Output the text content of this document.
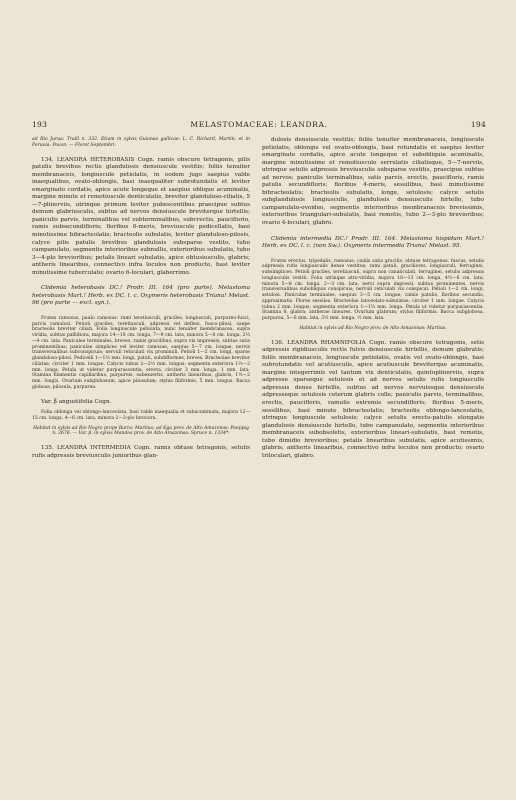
193	MELASTOMACEAE: LEANDRA.	194

ad Rio Jurua: Traill n. 332. Etiam in sylvis Guianae gallicae: L. C. Richard, Martin; et in Peruvia: Pavon. — Floret Septembri.

134. LEANDRA HETEROBASIS Cogn. ramis obscure tetragonis, pilis patulis brevibus rectis glandulosis densiuscule vestitis; foliis tenuiter membranaceis, longiuscule petiolatis, in eodem jugo saepius valde inaequalibus, ovato-oblongis, basi inaequaliter subrotundatis et leviter emarginato cordatis, apice acute longeque et saepius oblique acuminatis, margine minute et remotiuscule denticulatis, breviter glanduloso-ciliatis, 5—7-plinerviis, utrinque primum leviter pubescentibus praecipue subtus demum glabriusculis, subtus ad nervos densiuscule breviterque hirtellis; paniculis parvis, terminalibus vel subterminalibus, subcrectis, pauciflorio, ramis subsecundifloris; floribus 6-meris, breviuscule pedicellatis, basi minutissime bibracteolatis; bracteolis subulatis, leviter glanduloso-pilosis, calyce pilis patulis brevibus glandulosis subsparse vestito, tubo campanulato, segmentis interioribus subnullis, exterioribus subulatis, tubo 3—4-plo brevioribus; petalis lineari subulatis, apice obtusiusculis, glabris; antheris linearibus, connectivo infra loculos non producto, basi leviter minutissime tuberculato; ovario 6-loculari, glaberrimo.

Clidemia heterobasis DC.! Prodr. III. 164 (pro parte). Melastoma heterobasis Mart.! Herb. ex DC. l. c. Oxymeris heterobasis Triana! Melast. 96 (pro parte — excl. syn.).

Frutex ramosus, paulo ramosus: rami teretiusculi, graciles, longiusculi, purpureo-fusci, parcis ramulosi. Petioli graciles, teretiusculi, adpressi vel deflexi, fusco-pilosi, saepe bracteolis breviter ciliati. Folia longiuscule petiolata, nunc tenuiter membranacea, supra viridia, subtus pallidiora, majora 14—18 cm. longa, 7—9 cm. lata, minora 5—8 cm. longa, 2½—4 cm. lata. Paniculae terminales, breves, ramis gracilibus, supra vix impressis, subtus satis prominentibus; paniculae simplices vel leviter ramosae, saepius 5—7 cm. longae, nervis transversalibus subconspicuis; nervuli reticulati vix prominuli. Petioli 1—2 cm. longi, sparse glanduloso-pilosi. Pedicelli 1—1½ mm. longi, patuli, subdifformes, breves. Bracteolae breviter ciliatae, circiter 1 mm. longae. Calycis tubus 2—2½ mm. longus; segmenta exteriora 1½—2 mm. longa. Petala ut videtur purpurascentia, erecta, circiter 3 mm. longa, 1 mm. lata. Stamina filamentis capillaribus, purpureis, subexsertis, antheris linearibus, glabris, 1½—2 mm. longis. Ovarium subglobosum, apice pilosulum; stylus filiformis, 5 mm. longus. Bacca globosa, pilosula, purpurea.

Var. β angustifolia Cogn.

Folia oblonga vel oblongo-lanceolata, basi valde inaequalia et subacuminata, majora 12—15 cm. longa, 4—6 cm. lata, minora 2—3-plo breviora.

Habitat in sylvis ad Rio Negro prope Barra: Martius; ad Ega prov. de Alto Amazonas: Poeppig n. 2676. — Var. β. in sylvis Mandos prov. de Alto Amazonas: Spruce n. 1334*.

135. LEANDRA INTERMEDIA Cogn. ramis obtuse tetragonis, setulis rufis adpressis breviusculis junioribus glan-

dulosis densiuscule vestitis; foliis tenuiter membranaceis, longiuscule petiolatis, oblongis vel ovato-oblongis, basi rotundatis et saepius leviter emarginato cordatis, apice acute longeque et subobliquie acuminatis, margine minutissime et remotiuscule serrulatis ciliatisque, 5—7-nerviis, utrinque setulis adpressis breviusculis subsparse vestitis, praecipue subtus ad nervos; paniculis terminalibus, satis parvis, erectis, paucifloris, ramis patulis secundifloris; floribus 4-meris, sessilibus, basi minutissime bibracteolatis; bracteolis subulatis, longe, setulosis; calyce setulis subglandulosis longiusculis, glandulosis densiusculis hirtello, tubo campanulato-ovoideo, segmentis interioribus membranaceis brevissimis, exterioribus triangulari-subulatis, basi remotis, tubo 2—3-plo brevioribus; ovario 4-loculari, glabro.

Clidemia intermedia DC.! Prodr. III. 164. Melastoma hispidum Mart.! Herb. ex DC. l. c. (non Sw.). Oxymeris intermedia Triana! Melast. 95.

Frutex erectus, tripedalis, ramosus; caulis satis gracilis, obtuse tetragonus, fuscus, setulis adpressis rufis longiusculis dense vestitus; rami patuli, graciliores, longiusculi, ferruginei, subsimplices. Petioli graciles, teretiusculi, supra non canaliculati, ferruginei, setulis adpressis longiusculis vestiti. Folia utrinque atro-viridia, majora 10—13 cm. longa, 4½—6 cm. lata, minora 5—8 cm. longa, 2—3 cm. lata; nervi supra impressi, subtus prominentes, nervis transversalibus subobliquis conspicuis; nervuli reticulati vix conspicui. Petioli 1—2 cm. longi, setulosi. Paniculae terminales, saepius 3—5 cm. longae, ramis patulis, floribus secundis, approximatis. Flores sessiles. Bracteolae lanceolato-subulatae, circiter 1 mm. longae. Calycis tubus 2 mm. longus; segmenta exteriora 1—1½ mm. longa. Petala ut videtur purpurascentia. Stamina 8, glabra; antherae lineares. Ovarium glabrum; stylus filiformis. Bacca subglobosa, purpurea, 5—6 mm. lata, 3½ mm. longa, ½ mm. lata.

Habitat in sylvis ad Rio Negro prov. de Alto Amazonas: Martius.

136. LEANDRA RHAMNIFOLIA Cogn. ramis obscure tetragonis, setis adpressis rigidiusculis rectis fulvis densiuscule hirtellis, demum glabratis; foliis membranaceis, longiuscule petiolatis, ovatis vel ovato-oblongis, basi subrotundatis vel acutiusculis, apice acutiuscule breviterque acuminatis, margine integerrimis vel tantum vix denticulatis, quintuplinerviis, supra adpresse sparseque setulosis et ad nervos setulis rufis longiusculis adpressis dense hirtellis, subtus ad nervos nervulosque densiuscule adpresseque setulosis ceterum glabris colle; paniculis parvis, terminalibus, erectis, paucifloris, ramulis extremis secundifloris; floribus 5-meris, sessilibus, basi minute bibracteolatis; bracteolis oblongo-lanceolatis, utrinque longiuscule setulosis; calyce setulis erecto-patulis elongatis glandulosis densiuscule hirtello, tubo campanulato, segmentis interioribus membranaceis subobsoletis, exterioribus lineari-subulatis, basi remotis, tubo dimidio brevioribus; petalis linearibus subulatis, apice acutissimis, glabris; antheris linearibus, connectivo infra loculos non producto; ovario triloculari, glabro.
